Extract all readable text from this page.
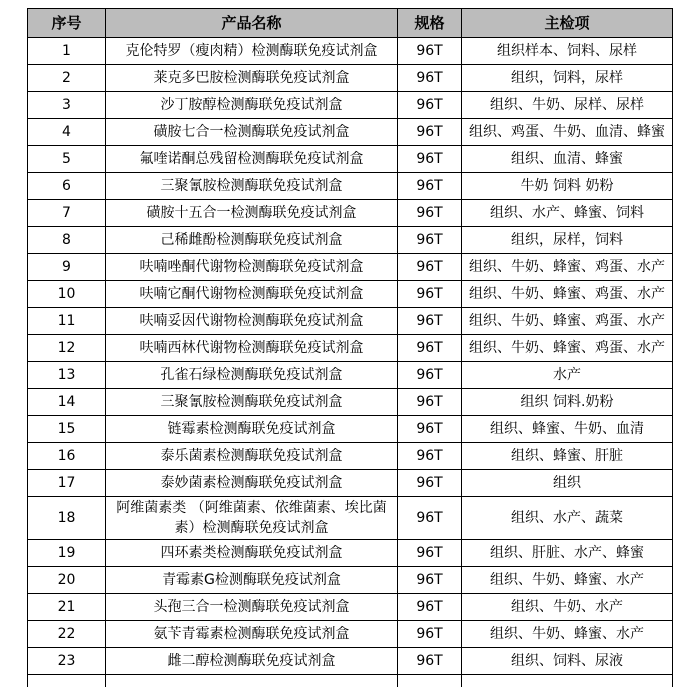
序号	产品名称	规格	主检项
1	克伦特罗（瘦肉精）检测酶联免疫试剂盒	96T	组织样本、饲料、尿样
2	莱克多巴胺检测酶联免疫试剂盒	96T	组织，饲料，尿样
3	沙丁胺醇检测酶联免疫试剂盒	96T	组织、牛奶、尿样、尿样
4	磺胺七合一检测酶联免疫试剂盒	96T	组织、鸡蛋、牛奶、血清、蜂蜜
5	氟喹诺酮总残留检测酶联免疫试剂盒	96T	组织、血清、蜂蜜
6	三聚氰胺检测酶联免疫试剂盒	96T	牛奶 饲料 奶粉
7	磺胺十五合一检测酶联免疫试剂盒	96T	组织、水产、蜂蜜、饲料
8	己稀雌酚检测酶联免疫试剂盒	96T	组织，尿样，饲料
9	呋喃唑酮代谢物检测酶联免疫试剂盒	96T	组织、牛奶、蜂蜜、鸡蛋、水产
10	呋喃它酮代谢物检测酶联免疫试剂盒	96T	组织、牛奶、蜂蜜、鸡蛋、水产
11	呋喃妥因代谢物检测酶联免疫试剂盒	96T	组织、牛奶、蜂蜜、鸡蛋、水产
12	呋喃西林代谢物检测酶联免疫试剂盒	96T	组织、牛奶、蜂蜜、鸡蛋、水产
13	孔雀石绿检测酶联免疫试剂盒	96T	水产
14	三聚氰胺检测酶联免疫试剂盒	96T	组织 饲料.奶粉
15	链霉素检测酶联免疫试剂盒	96T	组织、蜂蜜、牛奶、血清
16	泰乐菌素检测酶联免疫试剂盒	96T	组织、蜂蜜、肝脏
17	泰妙菌素检测酶联免疫试剂盒	96T	组织
18	阿维菌素类 （阿维菌素、依维菌素、埃比菌素）检测酶联免疫试剂盒	96T	组织、水产、蔬菜
19	四环素类检测酶联免疫试剂盒	96T	组织、肝脏、水产、蜂蜜
20	青霉素G检测酶联免疫试剂盒	96T	组织、牛奶、蜂蜜、水产
21	头孢三合一检测酶联免疫试剂盒	96T	组织、牛奶、水产
22	氨苄青霉素检测酶联免疫试剂盒	96T	组织、牛奶、蜂蜜、水产
23	雌二醇检测酶联免疫试剂盒	96T	组织、饲料、尿液
